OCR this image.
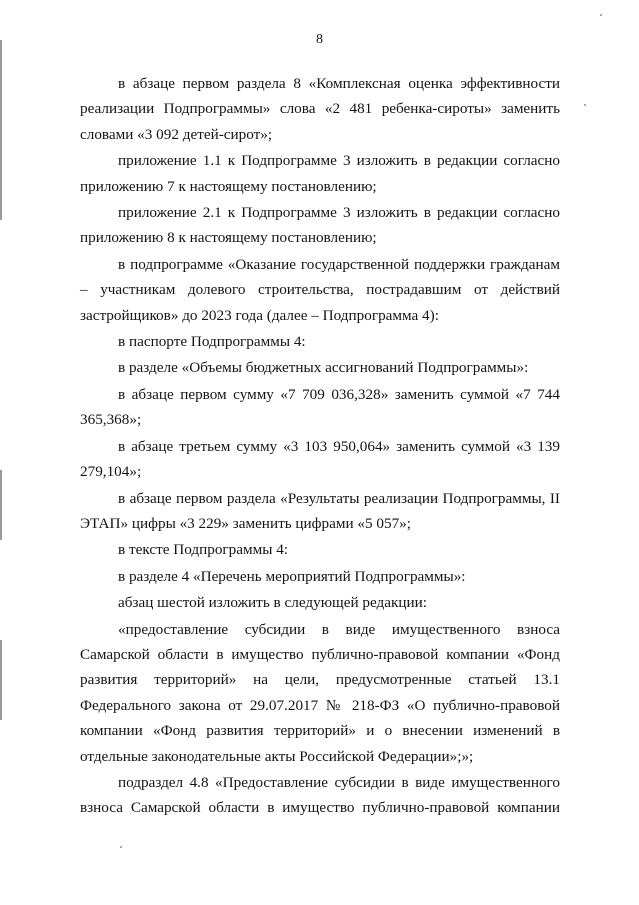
8

в абзаце первом раздела 8 «Комплексная оценка эффективности реализации Подпрограммы» слова «2 481 ребенка-сироты» заменить словами «3 092 детей-сирот»;

приложение 1.1 к Подпрограмме 3 изложить в редакции согласно приложению 7 к настоящему постановлению;

приложение 2.1 к Подпрограмме 3 изложить в редакции согласно приложению 8 к настоящему постановлению;

в подпрограмме «Оказание государственной поддержки гражданам – участникам долевого строительства, пострадавшим от действий застройщиков» до 2023 года (далее – Подпрограмма 4):

в паспорте Подпрограммы 4:

в разделе «Объемы бюджетных ассигнований Подпрограммы»:

в абзаце первом сумму «7 709 036,328» заменить суммой «7 744 365,368»;

в абзаце третьем сумму «3 103 950,064» заменить суммой «3 139 279,104»;

в абзаце первом раздела «Результаты реализации Подпрограммы, II ЭТАП» цифры «3 229» заменить цифрами «5 057»;

в тексте Подпрограммы 4:

в разделе 4 «Перечень мероприятий Подпрограммы»:

абзац шестой изложить в следующей редакции:

«предоставление субсидии в виде имущественного взноса Самарской области в имущество публично-правовой компании «Фонд развития территорий» на цели, предусмотренные статьей 13.1 Федерального закона от 29.07.2017 № 218-ФЗ «О публично-правовой компании «Фонд развития территорий» и о внесении изменений в отдельные законодательные акты Российской Федерации»;»;

подраздел 4.8 «Предоставление субсидии в виде имущественного взноса Самарской области в имущество публично-правовой компании
